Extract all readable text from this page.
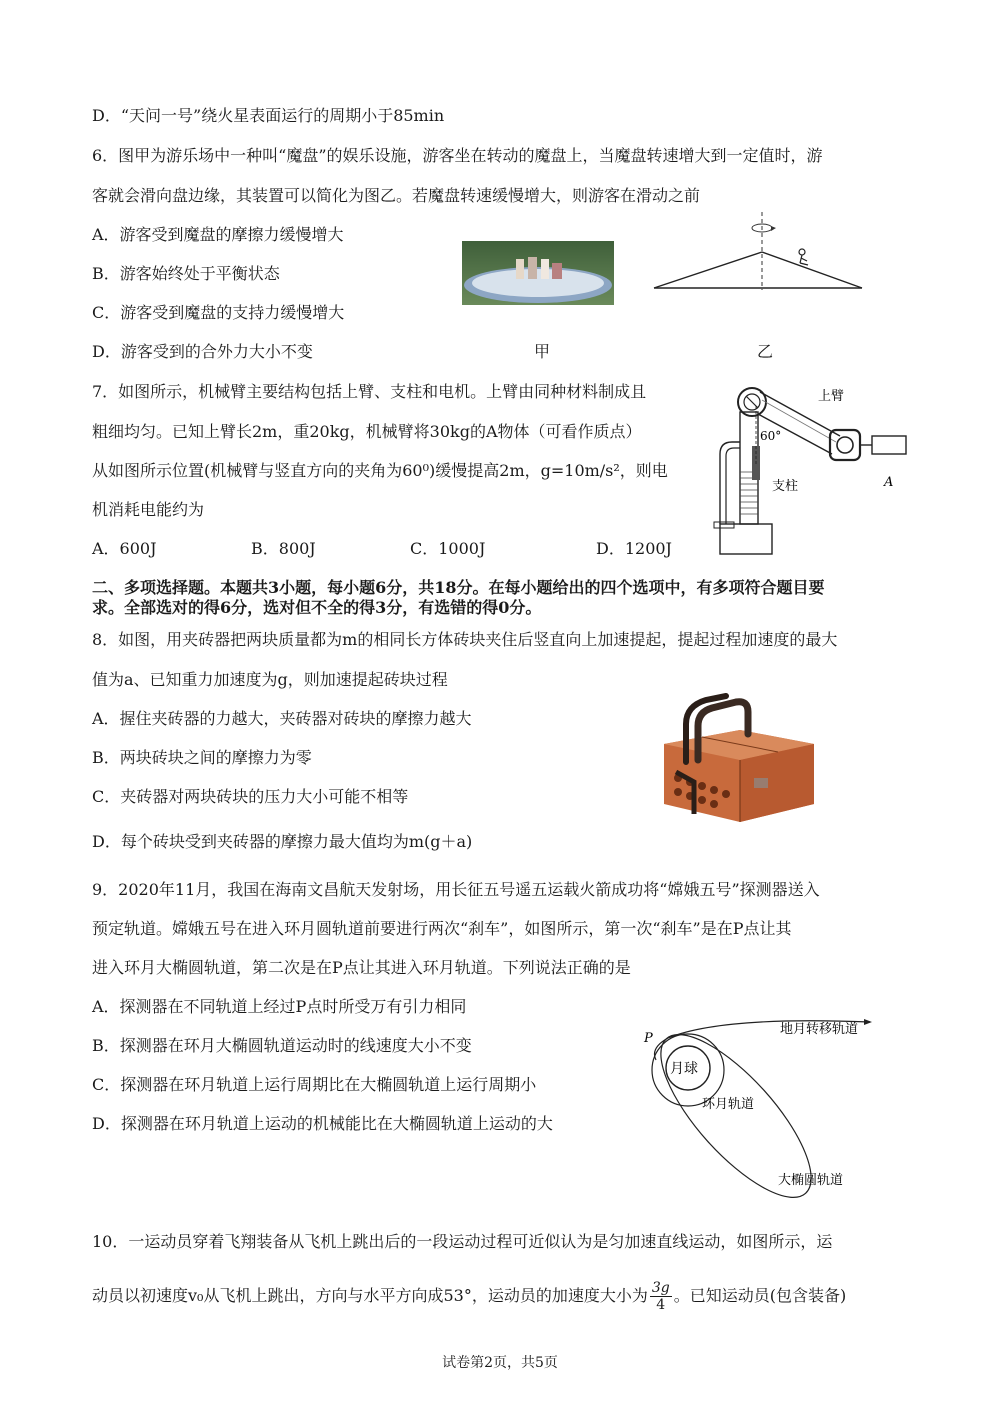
D．“天问一号”绕火星表面运行的周期小于85min
6．图甲为游乐场中一种叫“魔盘”的娱乐设施，游客坐在转动的魔盘上，当魔盘转速增大到一定值时，游
客就会滑向盘边缘，其装置可以简化为图乙。若魔盘转速缓慢增大，则游客在滑动之前
A．游客受到魔盘的摩擦力缓慢增大
B．游客始终处于平衡状态
C．游客受到魔盘的支持力缓慢增大
D．游客受到的合外力大小不变	甲	乙
7．如图所示，机械臂主要结构包括上臂、支柱和电机。上臂由同种材料制成且
粗细均匀。已知上臂长2m，重20kg，机械臂将30kg的A物体（可看作质点）
从如图所示位置(机械臂与竖直方向的夹角为60⁰)缓慢提高2m，g=10m/s²，则电
机消耗电能约为
A．600J	B．800J	C．1000J	D．1200J
上臂
支柱
60°
A
二、多项选择题。本题共3小题，每小题6分，共18分。在每小题给出的四个选项中，有多项符合题目要
求。全部选对的得6分，选对但不全的得3分，有选错的得0分。
8．如图，用夹砖器把两块质量都为m的相同长方体砖块夹住后竖直向上加速提起，提起过程加速度的最大
值为a、已知重力加速度为g，则加速提起砖块过程
A．握住夹砖器的力越大，夹砖器对砖块的摩擦力越大
B．两块砖块之间的摩擦力为零
C．夹砖器对两块砖块的压力大小可能不相等
D．每个砖块受到夹砖器的摩擦力最大值均为m(g＋a)
9．2020年11月，我国在海南文昌航天发射场，用长征五号遥五运载火箭成功将“嫦娥五号”探测器送入
预定轨道。嫦娥五号在进入环月圆轨道前要进行两次“刹车”，如图所示，第一次“刹车”是在P点让其
进入环月大椭圆轨道，第二次是在P点让其进入环月轨道。下列说法正确的是
A．探测器在不同轨道上经过P点时所受万有引力相同
B．探测器在环月大椭圆轨道运动时的线速度大小不变
C．探测器在环月轨道上运行周期比在大椭圆轨道上运行周期小
D．探测器在环月轨道上运动的机械能比在大椭圆轨道上运动的大
月球
P
地月转移轨道
环月轨道
大椭圆轨道
10．一运动员穿着飞翔装备从飞机上跳出后的一段运动过程可近似认为是匀加速直线运动，如图所示，运
动员以初速度v₀从飞机上跳出，方向与水平方向成53°，运动员的加速度大小为 $\frac{3g}{4}$ 。已知运动员(包含装备)
试卷第2页，共5页
